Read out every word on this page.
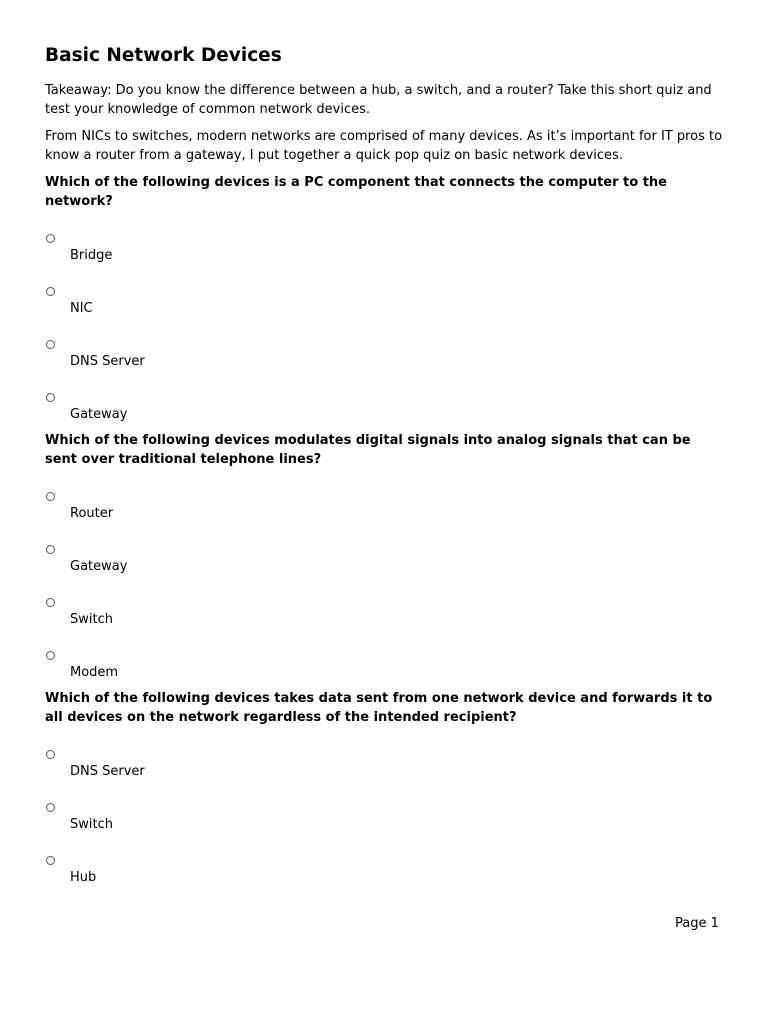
Basic Network Devices

Takeaway: Do you know the difference between a hub, a switch, and a router? Take this short quiz and test your knowledge of common network devices.

From NICs to switches, modern networks are comprised of many devices. As it’s important for IT pros to know a router from a gateway, I put together a quick pop quiz on basic network devices.

Which of the following devices is a PC component that connects the computer to the network?

Bridge
NIC
DNS Server
Gateway

Which of the following devices modulates digital signals into analog signals that can be sent over traditional telephone lines?

Router
Gateway
Switch
Modem

Which of the following devices takes data sent from one network device and forwards it to all devices on the network regardless of the intended recipient?

DNS Server
Switch
Hub
Page 1
